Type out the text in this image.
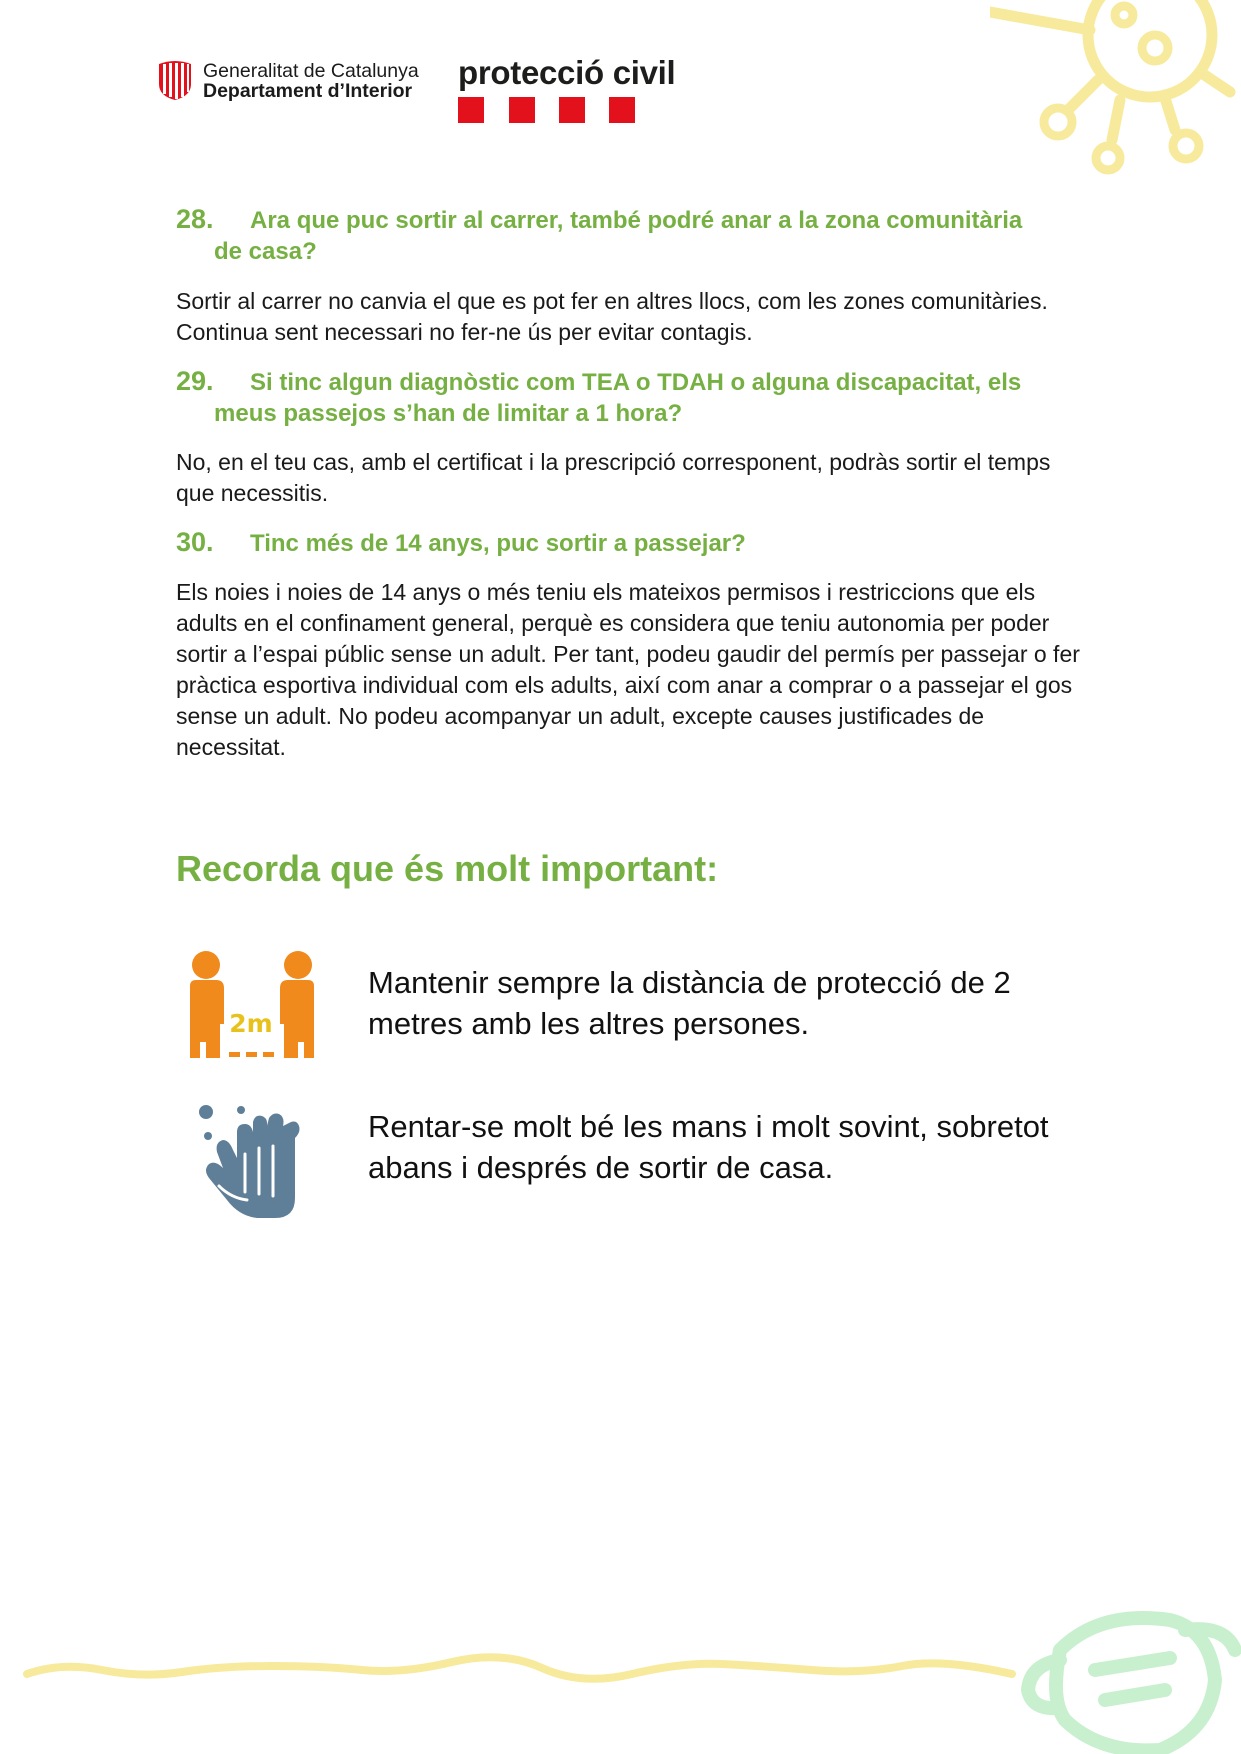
Generalitat de Catalunya
Departament d’Interior protecció civil
28. Ara que puc sortir al carrer, també podré anar a la zona comunitària
de casa?
Sortir al carrer no canvia el que es pot fer en altres llocs, com les zones comunitàries. Continua sent necessari no fer-ne ús per evitar contagis.
29. Si tinc algun diagnòstic com TEA o TDAH o alguna discapacitat, els
meus passejos s’han de limitar a 1 hora?
No, en el teu cas, amb el certificat i la prescripció corresponent, podràs sortir el temps que necessitis.
30. Tinc més de 14 anys, puc sortir a passejar?
Els noies i noies de 14 anys o més teniu els mateixos permisos i restriccions que els adults en el confinament general, perquè es considera que teniu autonomia per poder sortir a l’espai públic sense un adult. Per tant, podeu gaudir del permís per passejar o fer pràctica esportiva individual com els adults, així com anar a comprar o a passejar el gos sense un adult. No podeu acompanyar un adult, excepte causes justificades de necessitat.
Recorda que és molt important:
2m
Mantenir sempre la distància de protecció de 2 metres amb les altres persones.
Rentar-se molt bé les mans i molt sovint, sobretot abans i després de sortir de casa.
